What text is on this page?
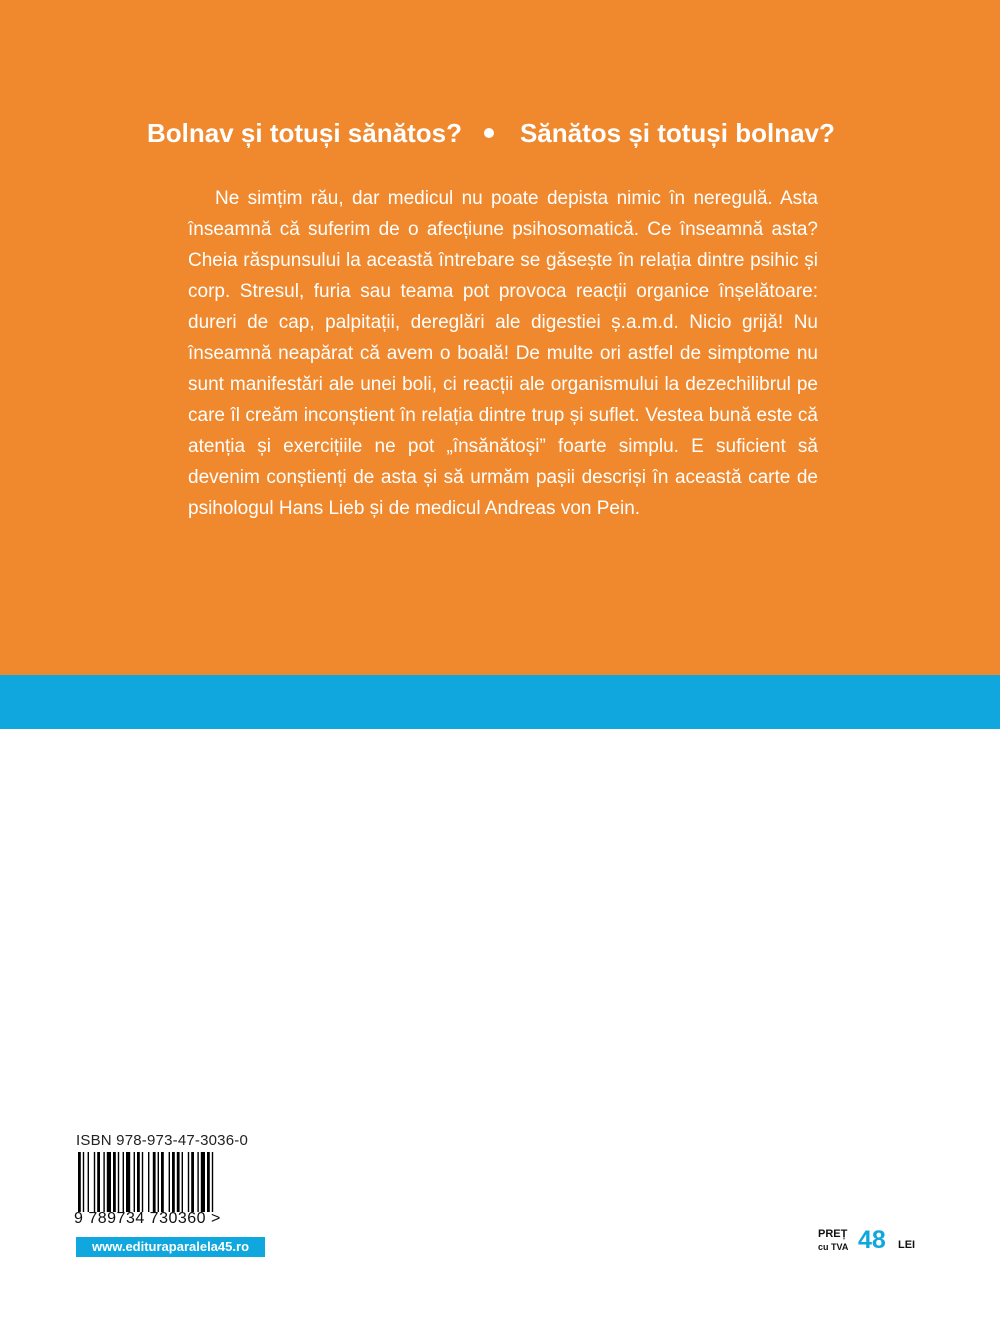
Bolnav și totuși sănătos? Sănătos și totuși bolnav?

Ne simțim rău, dar medicul nu poate depista nimic în neregulă. Asta înseamnă că suferim de o afecțiune psihosomatică. Ce înseamnă asta? Cheia răspunsului la această întrebare se găsește în relația dintre psihic și corp. Stresul, furia sau teama pot provoca reacții organice înșelătoare: dureri de cap, palpitații, dereglări ale digestiei ș.a.m.d. Nicio grijă! Nu înseamnă neapărat că avem o boală! De multe ori astfel de simptome nu sunt manifestări ale unei boli, ci reacții ale organismului la dezechilibrul pe care îl creăm inconștient în relația dintre trup și suflet. Vestea bună este că atenția și exercițiile ne pot „însănătoși” foarte simplu. E suficient să devenim conștienți de asta și să urmăm pașii descriși în această carte de psihologul Hans Lieb și de medicul Andreas von Pein.

ISBN 978-973-47-3036-0
9 789734 730360 >
www.edituraparalela45.ro
PREȚ
cu TVA 48 LEI
